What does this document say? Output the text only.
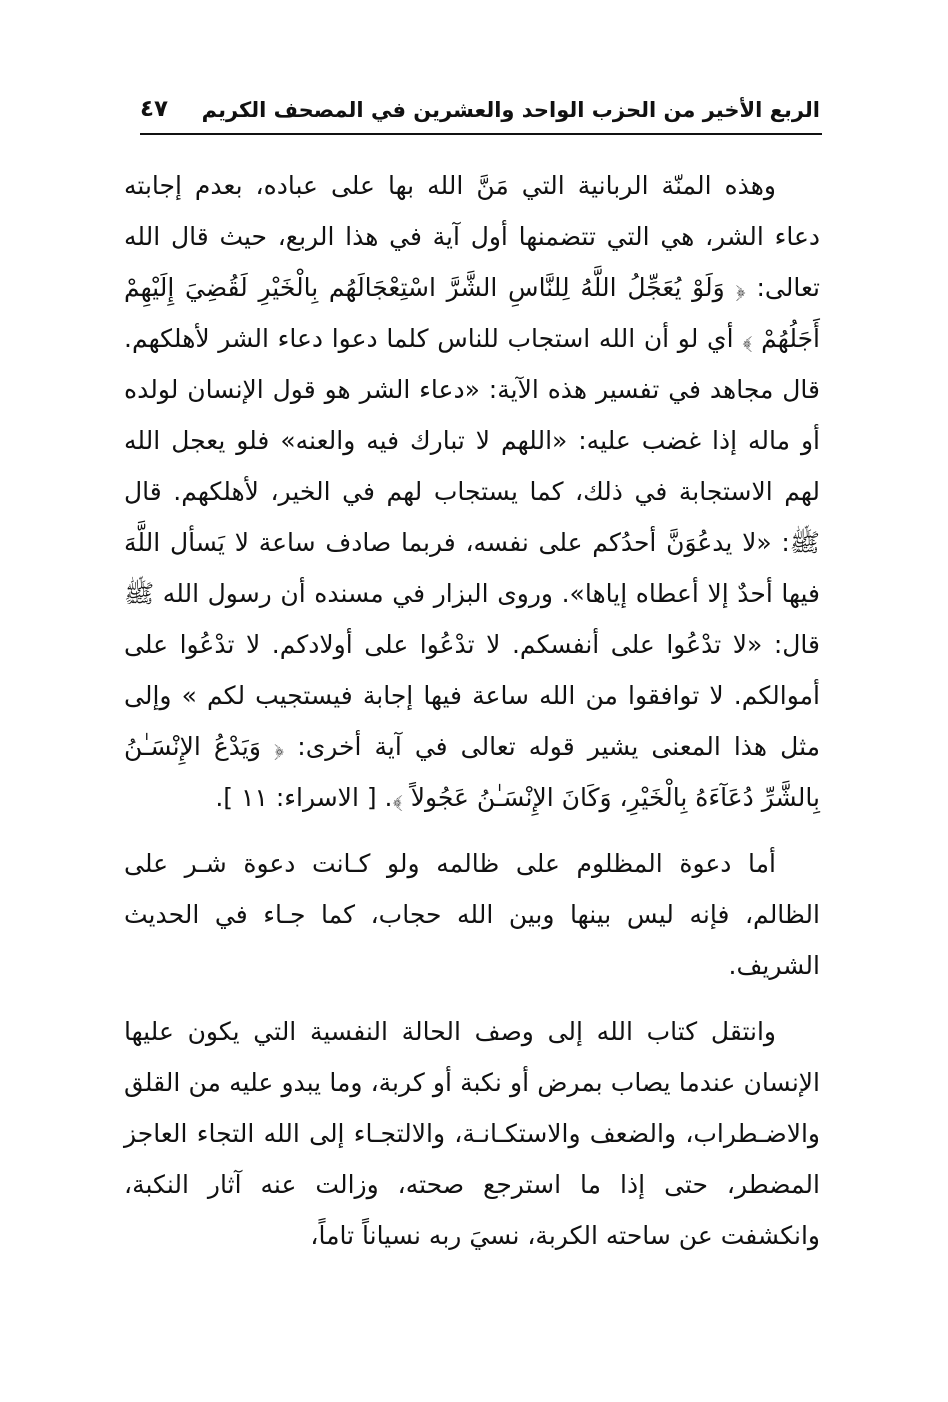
الربع الأخير من الحزب الواحد والعشرين في المصحف الكريم
٤٧

وهذه المنّة الربانية التي مَنَّ الله بها على عباده، بعدم إجابته دعاء الشر، هي التي تتضمنها أول آية في هذا الربع، حيث قال الله تعالى: ﴿ وَلَوْ يُعَجِّلُ اللَّهُ لِلنَّاسِ الشَّرَّ اسْتِعْجَالَهُم بِالْخَيْرِ لَقُضِيَ إِلَيْهِمْ أَجَلُهُمْ ﴾ أي لو أن الله استجاب للناس كلما دعوا دعاء الشر لأهلكهم. قال مجاهد في تفسير هذه الآية: «دعاء الشر هو قول الإنسان لولده أو ماله إذا غضب عليه: «اللهم لا تبارك فيه والعنه» فلو يعجل الله لهم الاستجابة في ذلك، كما يستجاب لهم في الخير، لأهلكهم. قال ﷺ: «لا يدعُوَنَّ أحدُكم على نفسه، فربما صادف ساعة لا يَسأل اللَّهَ فيها أحدٌ إلا أعطاه إياها». وروى البزار في مسنده أن رسول الله ﷺ قال: «لا تدْعُوا على أنفسكم. لا تدْعُوا على أولادكم. لا تدْعُوا على أموالكم. لا توافقوا من الله ساعة فيها إجابة فيستجيب لكم » وإلى مثل هذا المعنى يشير قوله تعالى في آية أخرى: ﴿ وَيَدْعُ الإِنْسَـٰنُ بِالشَّرِّ دُعَآءَهُ بِالْخَيْرِ، وَكَانَ الإِنْسَـٰنُ عَجُولاً ﴾. [ الاسراء: ١١ ].

أما دعوة المظلوم على ظالمه ولو كـانت دعوة شـر على الظالم، فإنه ليس بينها وبين الله حجاب، كما جـاء في الحديث الشريف.

وانتقل كتاب الله إلى وصف الحالة النفسية التي يكون عليها الإنسان عندما يصاب بمرض أو نكبة أو كربة، وما يبدو عليه من القلق والاضـطراب، والضعف والاستكـانـة، والالتجـاء إلى الله التجاء العاجز المضطر، حتى إذا ما استرجع صحته، وزالت عنه آثار النكبة، وانكشفت عن ساحته الكربة، نسيَ ربه نسياناً تاماً،
